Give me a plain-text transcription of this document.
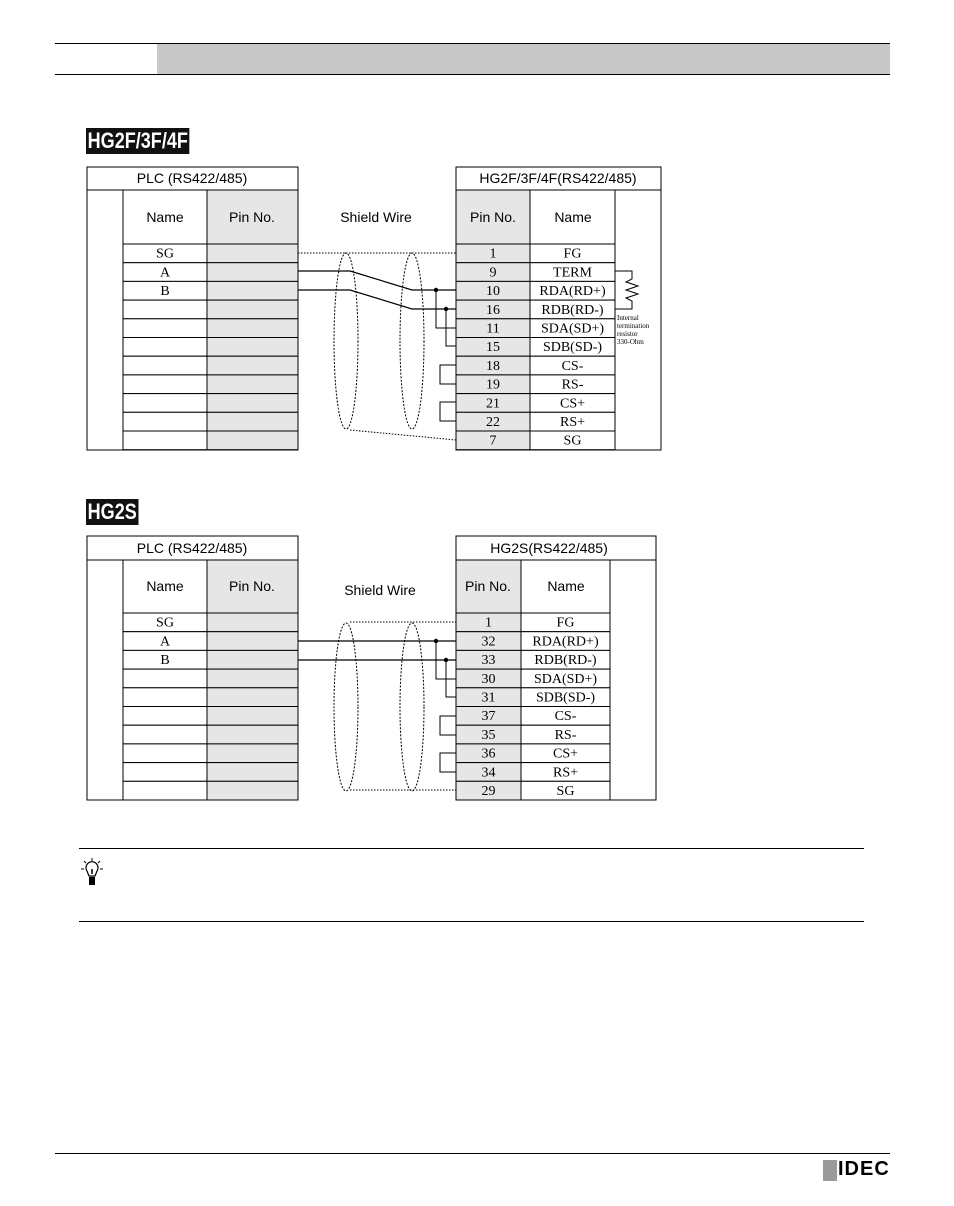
HG2F/3F/4F
PLC (RS422/485)
Name	Pin No.
SG
A
B
HG2F/3F/4F(RS422/485)
Pin No.	Name
1	FG
9	TERM
10	RDA(RD+)
16	RDB(RD-)
11	SDA(SD+)
15	SDB(SD-)
18	CS-
19	RS-
21	CS+
22	RS+
7	SG
Shield Wire
Internal
termination
resistor
330-Ohm
PLC (RS422/485)
Name	Pin No.
SG
A
B
HG2S(RS422/485)
Pin No.	Name
1	FG
32	RDA(RD+)
33	RDB(RD-)
30	SDA(SD+)
31	SDB(SD-)
37	CS-
35	RS-
36	CS+
34	RS+
29	SG
Shield Wire
HG2S
IDEC
